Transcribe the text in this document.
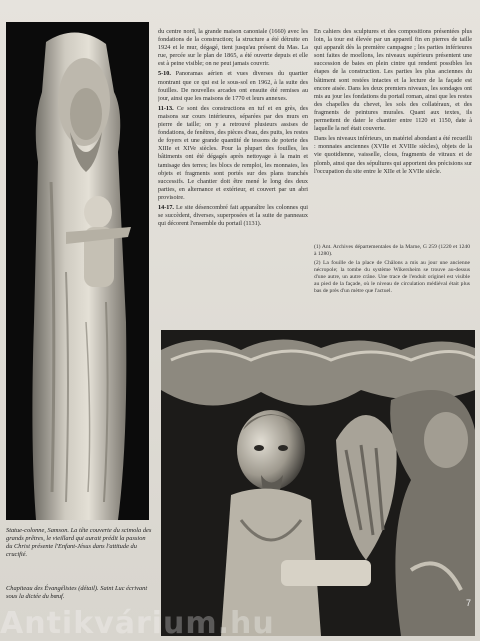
Statue-colonne, Samson. La tête couverte du scimola des grands prêtres, le vieillard qui aurait prédit la passion du Christ présente l'Enfant-Jésus dans l'attitude du crucifié.

du centre nord, la grande maison canoniale (1660) avec les fondations de la construction; la structure a été détruite en 1924 et le mur, dégagé, tient jusqu'au présent du Mas. La rue, percée sur le plan de 1865, a été ouverte depuis et elle est à peine visible; on ne peut jamais couvrir.

5-10. Panoramas aérien et vues diverses du quartier montrant que ce qui est le sous-sol en 1962, à la suite des fouilles. De nouvelles arcades ont ensuite été remises au jour, ainsi que les maisons de 1770 et leurs annexes.

11-13. Ce sont des constructions en tuf et en grès, des maisons sur cours intérieures, séparées par des murs en pierre de taille; on y a retrouvé plusieurs assises de fondations, de fenêtres, des pièces d'eau, des puits, les restes de foyers et une grande quantité de tessons de poterie des XIIIe et XIVe siècles. Pour la plupart des fouilles, les bâtiments ont été dégagés après nettoyage à la main et tamisage des terres; les blocs de remploi, les monnaies, les objets et fragments sont portés sur des plans tranchés successifs. Le chantier doit être mené le long des deux parties, en alternance et extérieur, et couvert par un abri provisoire.

14-17. Le site désencombré fait apparaître les colonnes qui se succèdent, diverses, superposées et la suite de panneaux qui décorent l'ensemble du portail (1131).

En cahiers des sculptures et des compositions présentées plus loin, la tour est élevée par un appareil fin en pierres de taille qui apparaît dès la première campagne ; les parties inférieures sont faites de moellons, les niveaux supérieurs présentent une succession de baies en plein cintre qui rendent possibles les étapes de la construction. Les parties les plus anciennes du bâtiment sont restées intactes et la lecture de la façade est encore aisée. Dans les deux premiers niveaux, les sondages ont mis au jour les fondations du portail roman, ainsi que les restes des chapelles du chevet, les sols des collatéraux, et des fragments de peintures murales. Quant aux textes, ils permettent de dater le chantier entre 1120 et 1150, date à laquelle la nef était couverte.

Dans les niveaux inférieurs, un matériel abondant a été recueilli : monnaies anciennes (XVIIe et XVIIIe siècles), objets de la vie quotidienne, vaisselle, clous, fragments de vitraux et de plomb, ainsi que des sépultures qui apportent des précisions sur l'occupation du site entre le XIIe et le XVIIe siècle.

(1) Ant. Archives départementales de la Marne, G 259 (1220 et 1240 à 1280).

(2) La fouille de la place de Châlons a mis au jour une ancienne nécropole; la tombe du système Wikersheim se trouve au-dessus d'une autre, un autre crâne. Une trace de l'enduit originel est visible au pied de la façade, où le niveau de circulation médiéval était plus bas de près d'un mètre que l'actuel.

Chapiteau des Évangélistes (détail). Saint Luc écrivant sous la dictée du bœuf.
7
Antikvárium.hu
